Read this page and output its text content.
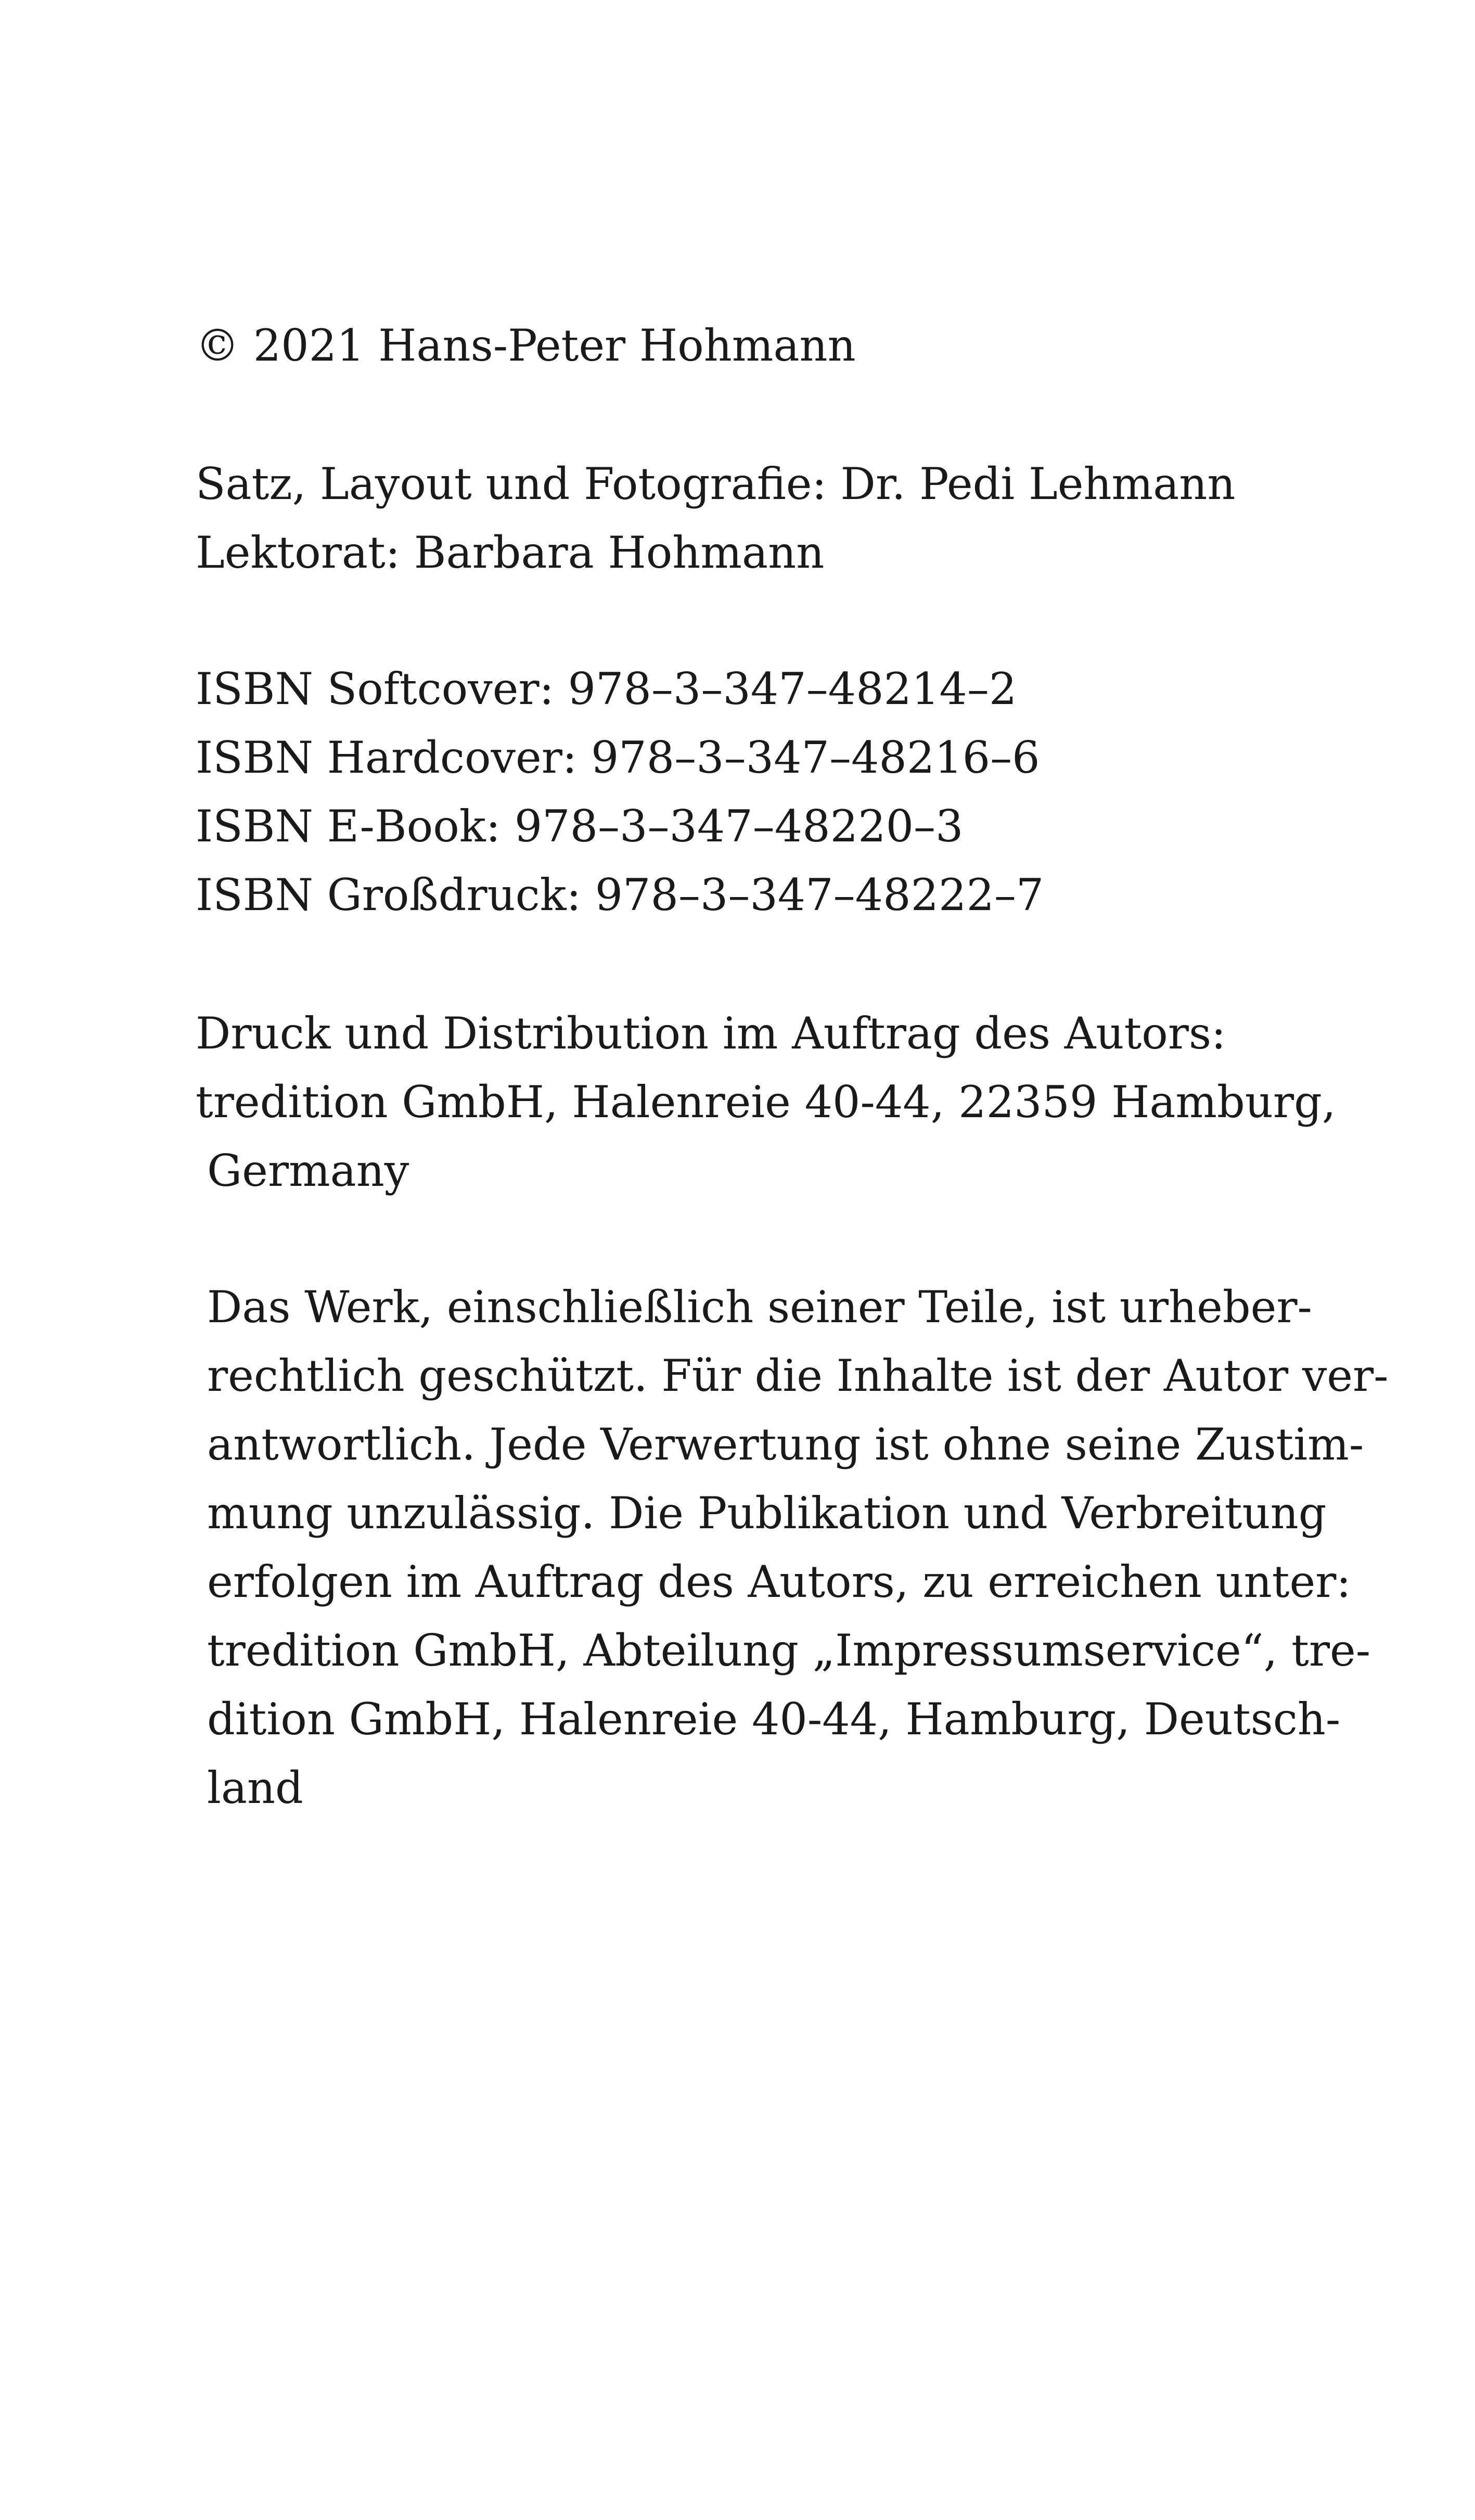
© 2021 Hans-Peter Hohmann

Satz, Layout und Fotografie: Dr. Pedi Lehmann

Lektorat: Barbara Hohmann

ISBN Softcover: 978–3–347–48214–2

ISBN Hardcover: 978–3–347–48216–6

ISBN E-Book: 978–3–347–48220–3

ISBN Großdruck: 978–3–347–48222–7

Druck und Distribution im Auftrag des Autors:

tredition GmbH, Halenreie 40-44, 22359 Hamburg,

Germany

Das Werk, einschließlich seiner Teile, ist urheber-

rechtlich geschützt. Für die Inhalte ist der Autor ver-

antwortlich. Jede Verwertung ist ohne seine Zustim-

mung unzulässig. Die Publikation und Verbreitung

erfolgen im Auftrag des Autors, zu erreichen unter:

tredition GmbH, Abteilung „Impressumservice“, tre-

dition GmbH, Halenreie 40-44, Hamburg, Deutsch-

land
